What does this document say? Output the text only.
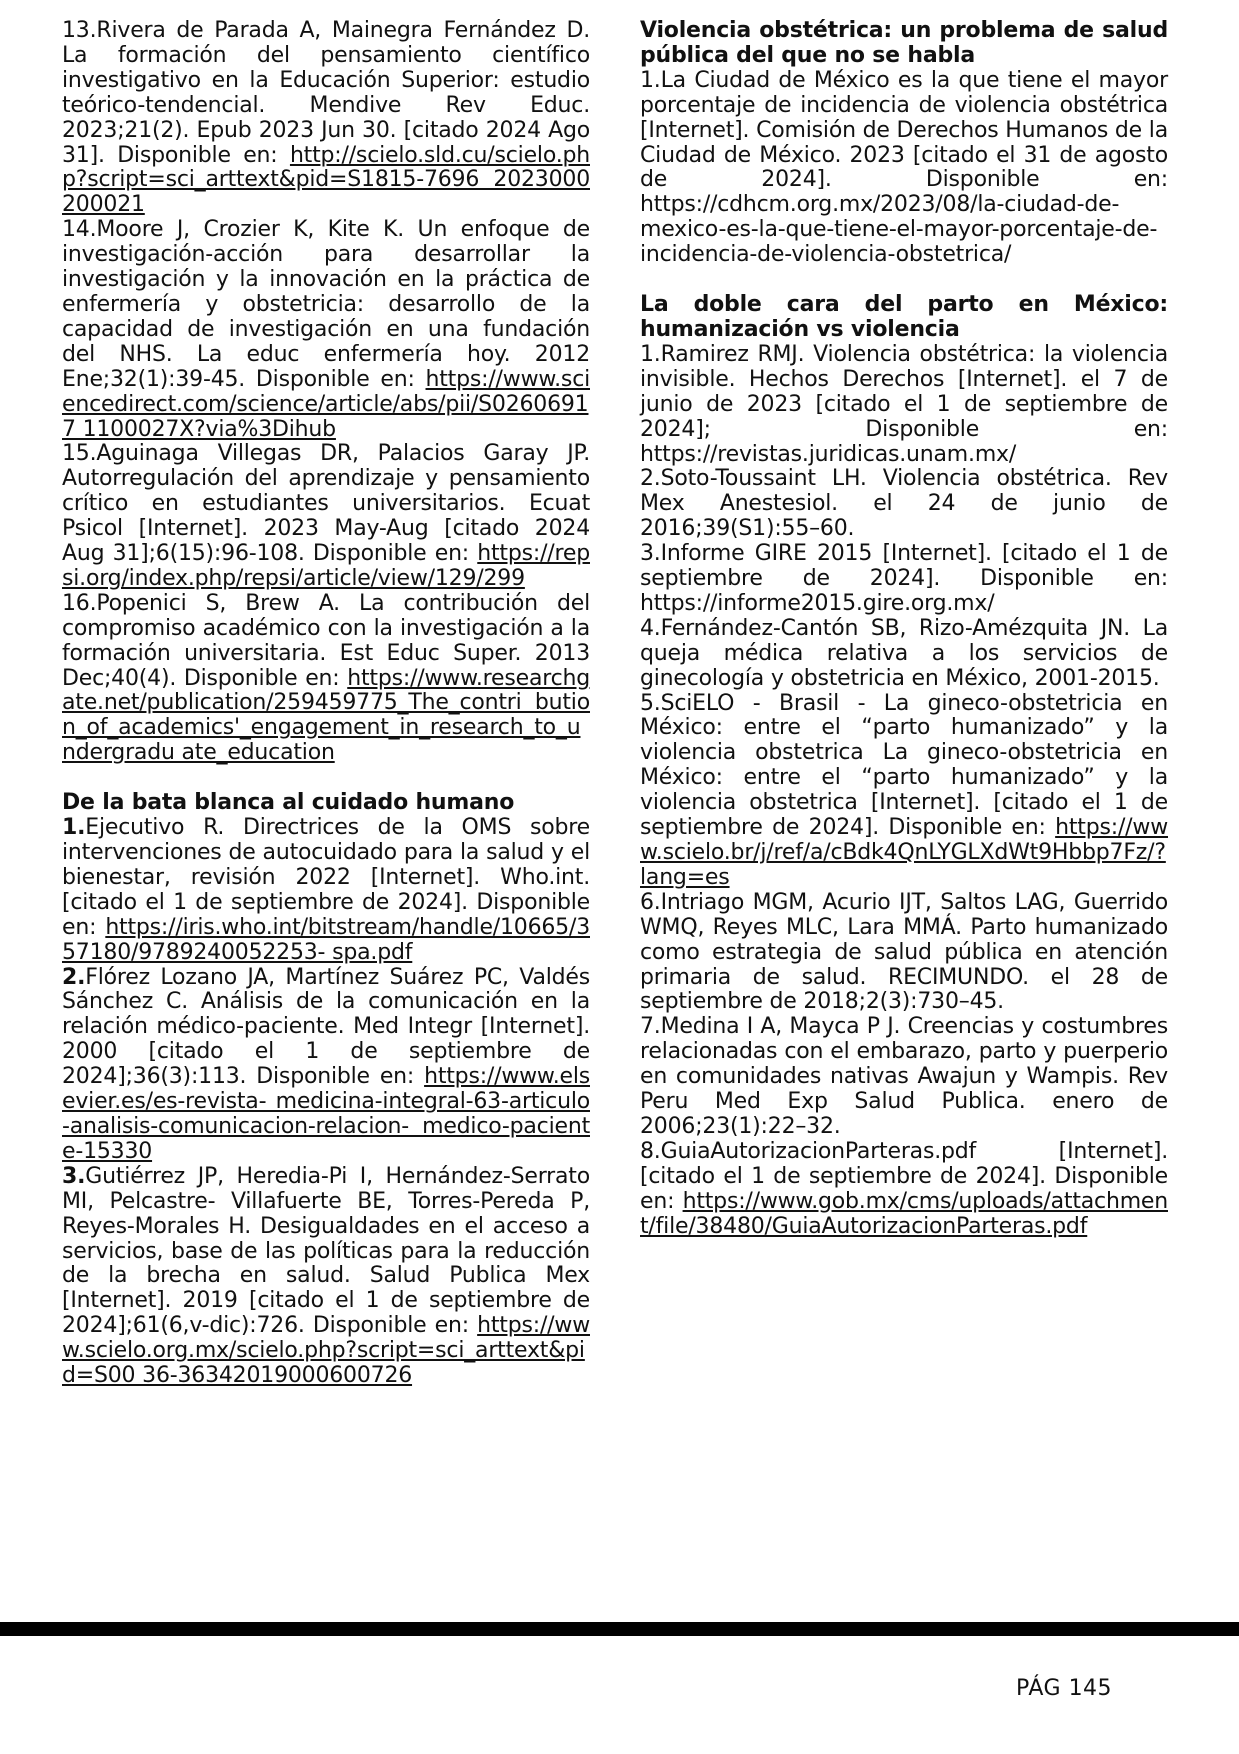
13.Rivera de Parada A, Mainegra Fernández D. La formación del pensamiento científico investigativo en la Educación Superior: estudio teórico-tendencial. Mendive Rev Educ. 2023;21(2). Epub 2023 Jun 30. [citado 2024 Ago 31]. Disponible en: http://scielo.sld.cu/scielo.php?script=sci_arttext&pid=S1815-7696 2023000200021

14.Moore J, Crozier K, Kite K. Un enfoque de investigación-acción para desarrollar la investigación y la innovación en la práctica de enfermería y obstetricia: desarrollo de la capacidad de investigación en una fundación del NHS. La educ enfermería hoy. 2012 Ene;32(1):39-45. Disponible en: https://www.sciencedirect.com/science/article/abs/pii/S02606917 1100027X?via%3Dihub

15.Aguinaga Villegas DR, Palacios Garay JP. Autorregulación del aprendizaje y pensamiento crítico en estudiantes universitarios. Ecuat Psicol [Internet]. 2023 May-Aug [citado 2024 Aug 31];6(15):96-108. Disponible en: https://repsi.org/index.php/repsi/article/view/129/299

16.Popenici S, Brew A. La contribución del compromiso académico con la investigación a la formación universitaria. Est Educ Super. 2013 Dec;40(4). Disponible en: https://www.researchgate.net/publication/259459775_The_contri bution_of_academics'_engagement_in_research_to_undergradu ate_education

De la bata blanca al cuidado humano

1.Ejecutivo R. Directrices de la OMS sobre intervenciones de autocuidado para la salud y el bienestar, revisión 2022 [Internet]. Who.int. [citado el 1 de septiembre de 2024]. Disponible en: https://iris.who.int/bitstream/handle/10665/357180/9789240052253- spa.pdf

2.Flórez Lozano JA, Martínez Suárez PC, Valdés Sánchez C. Análisis de la comunicación en la relación médico-paciente. Med Integr [Internet]. 2000 [citado el 1 de septiembre de 2024];36(3):113. Disponible en: https://www.elsevier.es/es-revista- medicina-integral-63-articulo-analisis-comunicacion-relacion- medico-paciente-15330

3.Gutiérrez JP, Heredia-Pi I, Hernández-Serrato MI, Pelcastre- Villafuerte BE, Torres-Pereda P, Reyes-Morales H. Desigualdades en el acceso a servicios, base de las políticas para la reducción de la brecha en salud. Salud Publica Mex [Internet]. 2019 [citado el 1 de septiembre de 2024];61(6,v-dic):726. Disponible en: https://www.scielo.org.mx/scielo.php?script=sci_arttext&pid=S00 36-36342019000600726

Violencia obstétrica: un problema de salud pública del que no se habla

1.La Ciudad de México es la que tiene el mayor porcentaje de incidencia de violencia obstétrica [Internet]. Comisión de Derechos Humanos de la Ciudad de México. 2023 [citado el 31 de agosto de 2024]. Disponible en: https://cdhcm.org.mx/2023/08/la-ciudad-de-mexico-es-la-que-tiene-el-mayor-porcentaje-de-incidencia-de-violencia-obstetrica/

La doble cara del parto en México: humanización vs violencia

1.Ramirez RMJ. Violencia obstétrica: la violencia invisible. Hechos Derechos [Internet]. el 7 de junio de 2023 [citado el 1 de septiembre de 2024]; Disponible en: https://revistas.juridicas.unam.mx/

2.Soto-Toussaint LH. Violencia obstétrica. Rev Mex Anestesiol. el 24 de junio de 2016;39(S1):55–60.

3.Informe GIRE 2015 [Internet]. [citado el 1 de septiembre de 2024]. Disponible en: https://informe2015.gire.org.mx/

4.Fernández-Cantón SB, Rizo-Amézquita JN. La queja médica relativa a los servicios de ginecología y obstetricia en México, 2001-2015.

5.SciELO - Brasil - La gineco-obstetricia en México: entre el “parto humanizado” y la violencia obstetrica La gineco-obstetricia en México: entre el “parto humanizado” y la violencia obstetrica [Internet]. [citado el 1 de septiembre de 2024]. Disponible en: https://www.scielo.br/j/ref/a/cBdk4QnLYGLXdWt9Hbbp7Fz/?lang=es

6.Intriago MGM, Acurio IJT, Saltos LAG, Guerrido WMQ, Reyes MLC, Lara MMÁ. Parto humanizado como estrategia de salud pública en atención primaria de salud. RECIMUNDO. el 28 de septiembre de 2018;2(3):730–45.

7.Medina I A, Mayca P J. Creencias y costumbres relacionadas con el embarazo, parto y puerperio en comunidades nativas Awajun y Wampis. Rev Peru Med Exp Salud Publica. enero de 2006;23(1):22–32.

8.GuiaAutorizacionParteras.pdf [Internet]. [citado el 1 de septiembre de 2024]. Disponible en: https://www.gob.mx/cms/uploads/attachment/file/38480/GuiaAutorizacionParteras.pdf

PÁG 145
